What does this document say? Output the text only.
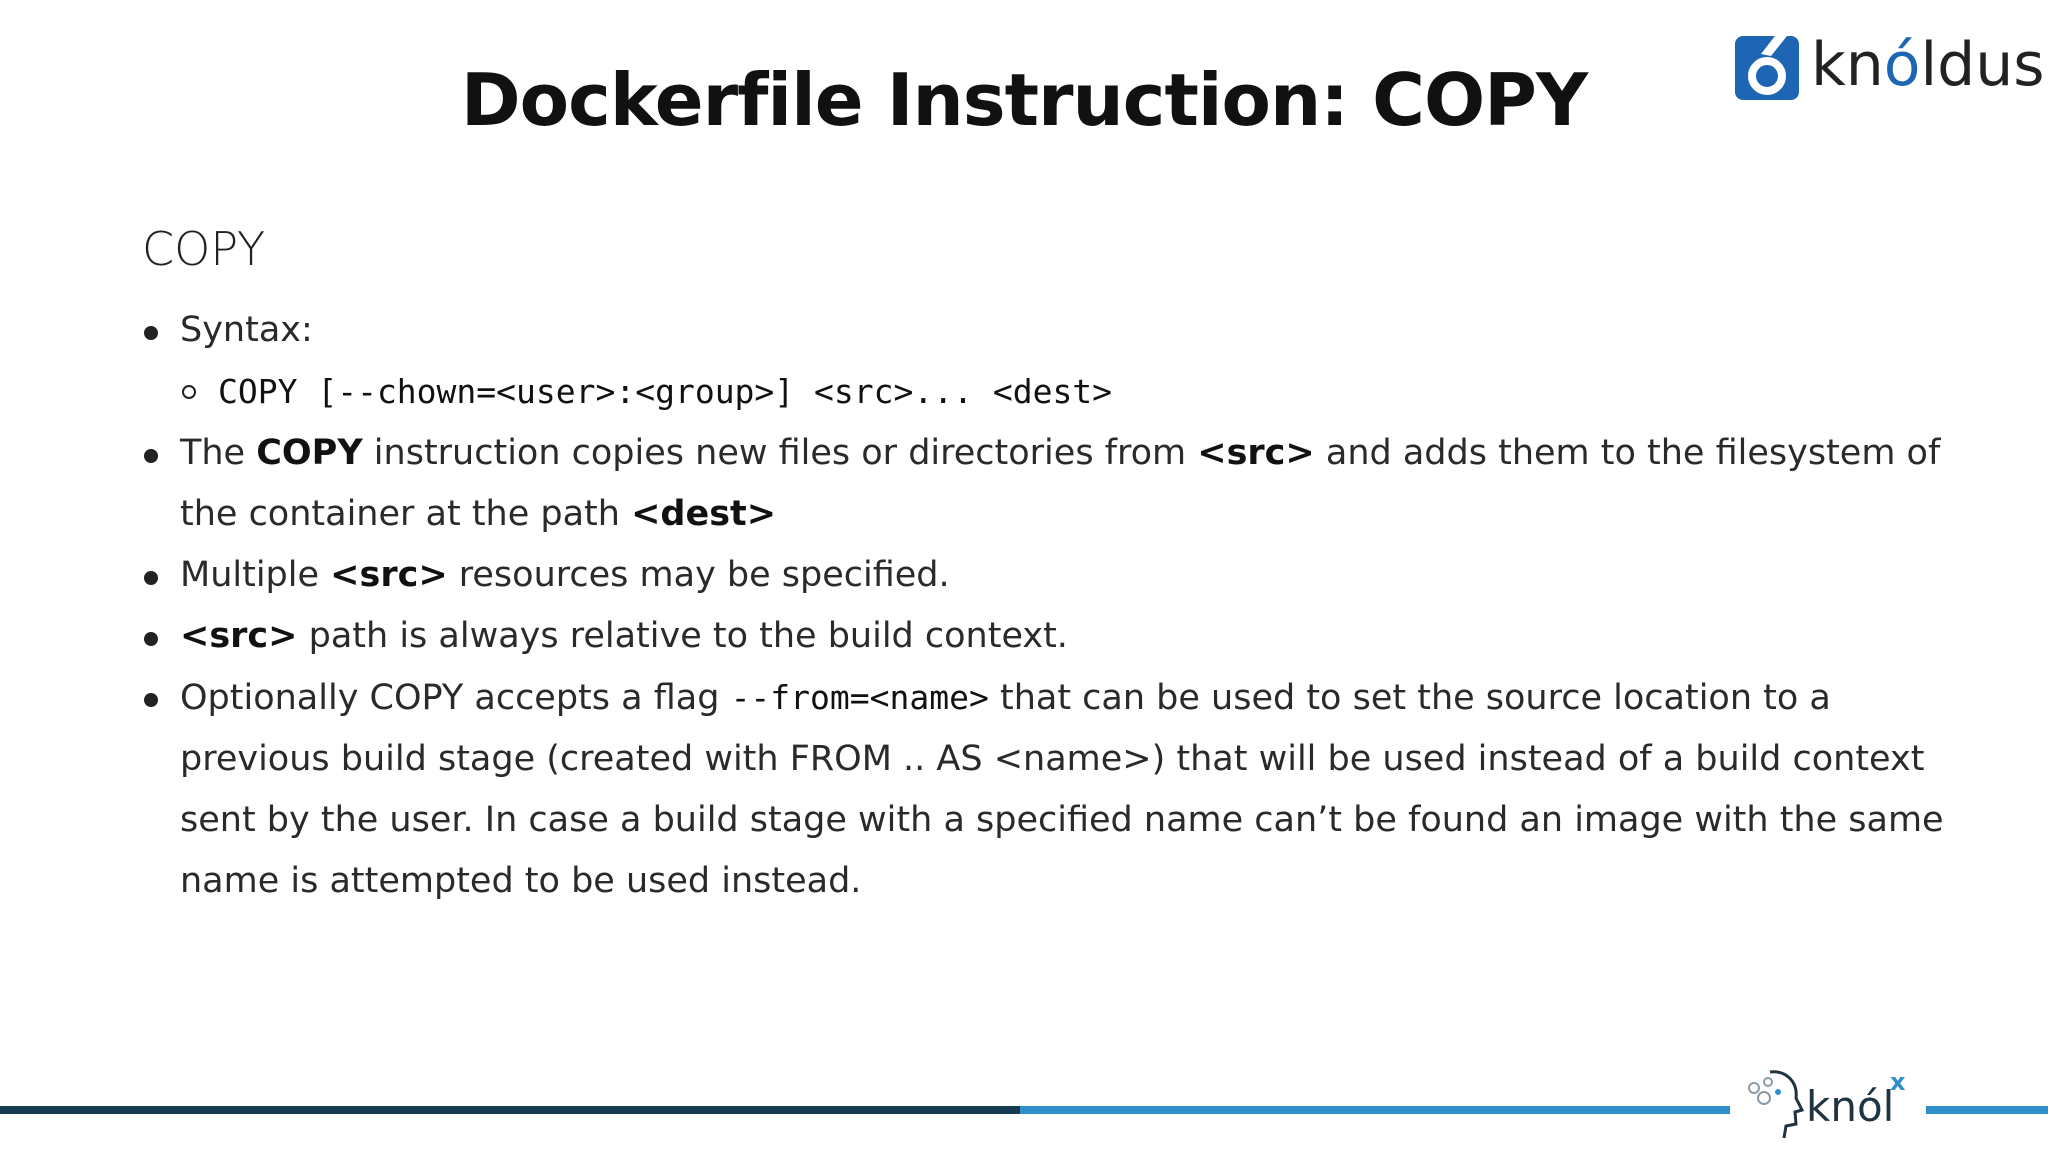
Dockerfile Instruction: COPY	knóldus
COPY
Syntax:
COPY [--chown=<user>:<group>] <src>... <dest>
The COPY instruction copies new files or directories from <src> and adds them to the filesystem of the container at the path <dest>
Multiple <src> resources may be specified.
<src> path is always relative to the build context.
Optionally COPY accepts a flag --from=<name> that can be used to set the source location to a previous build stage (created with FROM .. AS <name>) that will be used instead of a build context sent by the user. In case a build stage with a specified name can’t be found an image with the same name is attempted to be used instead.
knól
x
